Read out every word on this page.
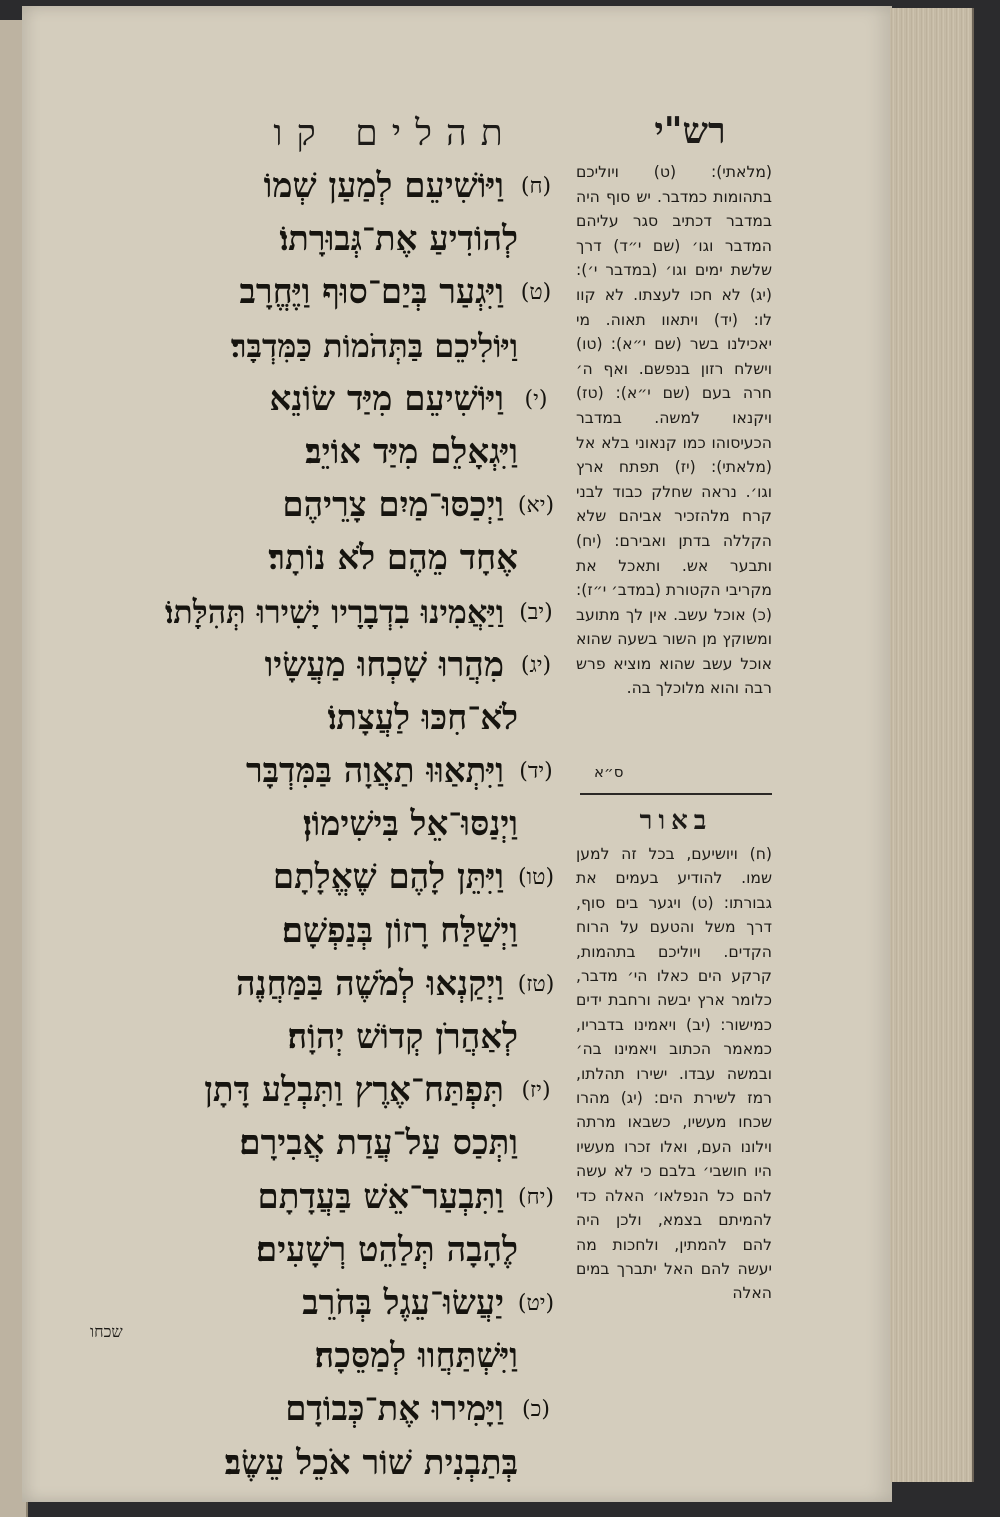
תהלים קו	רש"י
(ח)
וַיּוֹשִׁיעֵם לְמַעַן שְׁמוֹ
לְהוֹדִיעַ אֶת־גְּבוּרָתוֹ׃
(ט)
וַיִּגְעַר בְּיַם־סוּף וַיֶּחֱרָב
וַיּוֹלִיכֵם בַּתְּהֹמוֹת כַּמִּדְבָּר׃
(י)
וַיּוֹשִׁיעֵם מִיַּד שׂוֹנֵא
וַיִּגְאָלֵם מִיַּד אוֹיֵב׃
(יא)
וַיְכַסּוּ־מַיִם צָרֵיהֶם
אֶחָד מֵהֶם לֹא נוֹתָר׃
(יב)
וַיַּאֲמִינוּ בִדְבָרָיו יָשִׁירוּ תְּהִלָּתוֹ׃
(יג)
מִהֲרוּ שָׁכְחוּ מַעֲשָׂיו
לֹא־חִכּוּ לַעֲצָתוֹ׃
(יד)
וַיִּתְאַוּוּ תַאֲוָה בַּמִּדְבָּר
וַיְנַסּוּ־אֵל בִּישִׁימוֹן׃
(טו)
וַיִּתֵּן לָהֶם שֶׁאֱלָתָם
וַיְשַׁלַּח רָזוֹן בְּנַפְשָׁם׃
(טז)
וַיְקַנְאוּ לְמֹשֶׁה בַּמַּחֲנֶה
לְאַהֲרֹן קְדוֹשׁ יְהוָֹה׃
(יז)
תִּפְתַּח־אֶרֶץ וַתִּבְלַע דָּתָן
וַתְּכַס עַל־עֲדַת אֲבִירָם׃
(יח)
וַתִּבְעַר־אֵשׁ בַּעֲדָתָם
לֶהָבָה תְּלַהֵט רְשָׁעִים׃
(יט)
יַעֲשׂוּ־עֵגֶל בְּחֹרֵב
וַיִּשְׁתַּחֲווּ לְמַסֵּכָה׃
(כ)
וַיָּמִירוּ אֶת־כְּבוֹדָם
בְּתַבְנִית שׁוֹר אֹכֵל עֵשֶׂב׃
(מלאתי): (ט) ויוליכם בתהומות כמדבר. יש סוף היה במדבר דכתיב סגר עליהם המדבר וגו׳ (שם י״ד) דרך שלשת ימים וגו׳ (במדבר י׳): (יג) לא חכו לעצתו. לא קוו לו: (יד) ויתאוו תאוה. מי יאכילנו בשר (שם י״א): (טו) וישלח רזון בנפשם. ואף ה׳ חרה בעם (שם י״א): (טז) ויקנאו למשה. במדבר הכעיסוהו כמו קנאוני בלא אל (מלאתי): (יז) תפתח ארץ וגו׳. נראה שחלק כבוד לבני קרח מלהזכיר אביהם שלא הקללה בדתן ואבירם: (יח) ותבער אש. ותאכל את מקריבי הקטורת (במדב׳ י״ז): (כ) אוכל עשב. אין לך מתועב ומשוקץ מן השור בשעה שהוא אוכל עשב שהוא מוציא פרש רבה והוא מלוכלך בה.
ס״א
באור
(ח) ויושיעם, בכל זה למען שמו. להודיע בעמים את גבורתו: (ט) ויגער בים סוף, דרך משל והטעם על הרוח הקדים. ויוליכם בתהמות, קרקע הים כאלו הי׳ מדבר, כלומר ארץ יבשה ורחבת ידים כמישור: (יב) ויאמינו בדבריו, כמאמר הכתוב ויאמינו בה׳ ובמשה עבדו. ישירו תהלתו, רמז לשירת הים: (יג) מהרו שכחו מעשיו, כשבאו מרתה וילונו העם, ואלו זכרו מעשיו היו חושבי׳ בלבם כי לא עשה להם כל הנפלאו׳ האלה כדי להמיתם בצמא, ולכן היה להם להמתין, ולחכות מה יעשה להם האל יתברך במים האלה
שכחו
